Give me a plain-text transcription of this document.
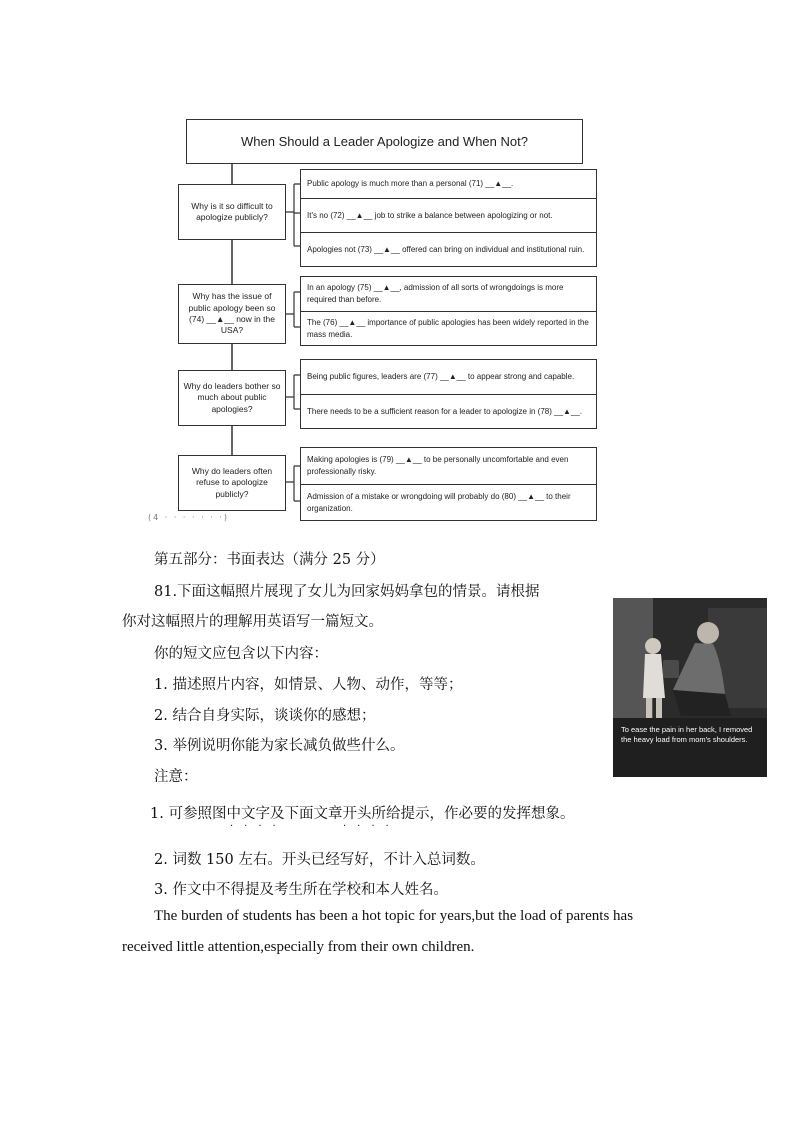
When Should a Leader Apologize and When Not?
Why is it so difficult to apologize publicly?
Public apology is much more than a personal (71) __▲__.
It's no (72) __▲__ job to strike a balance between apologizing or not.
Apologies not (73) __▲__ offered can bring on individual and institutional ruin.
Why has the issue of public apology been so (74) __▲__ now in the USA?
In an apology (75) __▲__, admission of all sorts of wrongdoings is more required than before.
The (76) __▲__ importance of public apologies has been widely reported in the mass media.
Why do leaders bother so much about public apologies?
Being public figures, leaders are (77) __▲__ to appear strong and capable.
There needs to be a sufficient reason for a leader to apologize in (78) __▲__.
Why do leaders often refuse to apologize publicly?
Making apologies is (79) __▲__ to be personally uncomfortable and even professionally risky.
Admission of a mistake or wrongdoing will probably do (80) __▲__ to their organization.
(4 · · · · · · ·)
第五部分：书面表达（满分 25 分）
81.下面这幅照片展现了女儿为回家妈妈拿包的情景。请根据
你对这幅照片的理解用英语写一篇短文。
你的短文应包含以下内容：
1. 描述照片内容，如情景、人物、动作，等等；
2. 结合自身实际，谈谈你的感想；
3. 举例说明你能为家长减负做些什么。
注意：
1. 可参照图中文字及下面文章开头所给提示，作必要的发挥想象。
····	····
2. 词数 150 左右。开头已经写好，不计入总词数。
3. 作文中不得提及考生所在学校和本人姓名。
The burden of students has been a hot topic for years,but the load of parents has
received little attention,especially from their own children.
To ease the pain in her back, I removed the heavy load from mom's shoulders.
